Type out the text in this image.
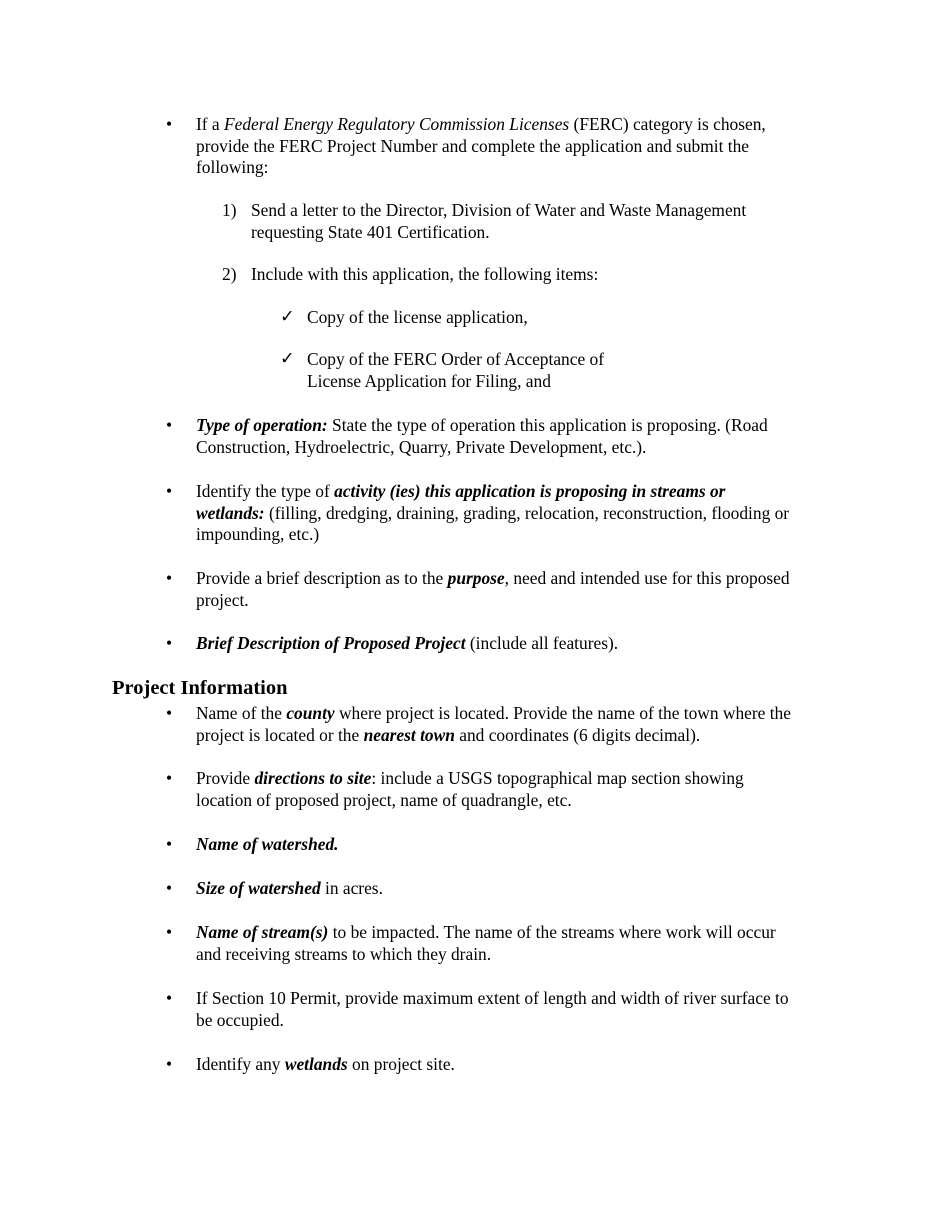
•	If a Federal Energy Regulatory Commission Licenses (FERC) category is chosen,
provide the FERC Project Number and complete the application and submit the
following:
1) Send a letter to the Director, Division of Water and Waste Management
requesting State 401 Certification.
2) Include with this application, the following items:
✓ Copy of the license application,
✓ Copy of the FERC Order of Acceptance of
License Application for Filing, and
•	Type of operation: State the type of operation this application is proposing. (Road
Construction, Hydroelectric, Quarry, Private Development, etc.).
•	Identify the type of activity (ies) this application is proposing in streams or
wetlands: (filling, dredging, draining, grading, relocation, reconstruction, flooding or
impounding, etc.)
•	Provide a brief description as to the purpose, need and intended use for this proposed
project.
•	Brief Description of Proposed Project (include all features).
Project Information
•	Name of the county where project is located. Provide the name of the town where the
project is located or the nearest town and coordinates (6 digits decimal).
•	Provide directions to site: include a USGS topographical map section showing
location of proposed project, name of quadrangle, etc.
•	Name of watershed.
•	Size of watershed in acres.
•	Name of stream(s) to be impacted. The name of the streams where work will occur
and receiving streams to which they drain.
•	If Section 10 Permit, provide maximum extent of length and width of river surface to
be occupied.
•	Identify any wetlands on project site.
